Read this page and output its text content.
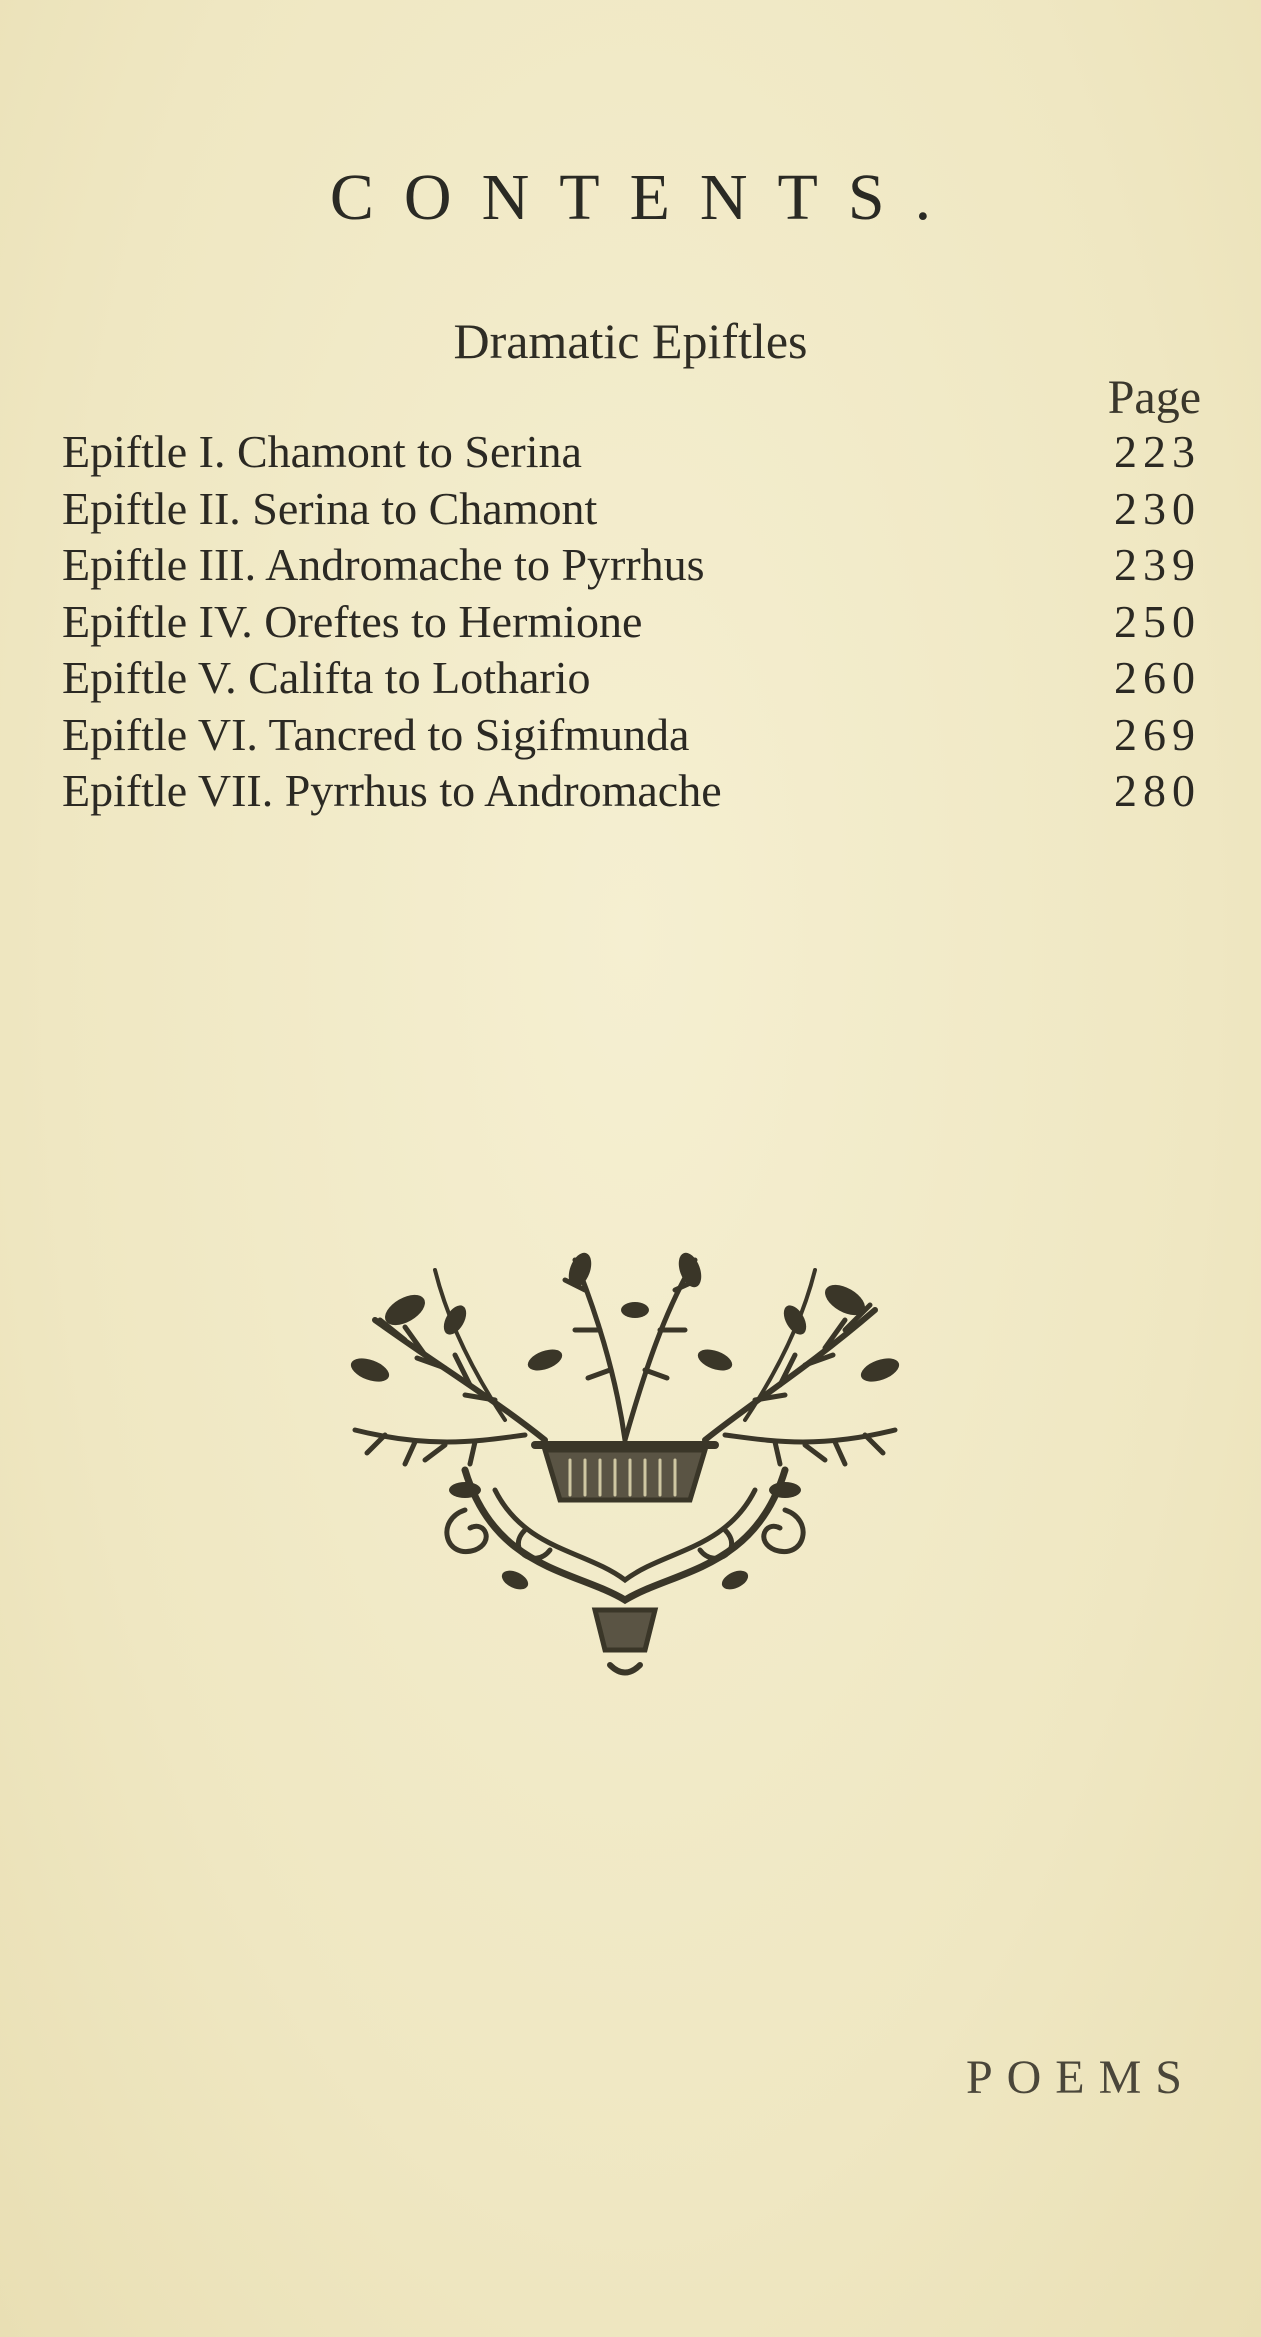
CONTENTS.
Dramatic Epiftles
Page
Epiftle I. Chamont to Serina	223
Epiftle II. Serina to Chamont	230
Epiftle III. Andromache to Pyrrhus	239
Epiftle IV. Oreftes to Hermione	250
Epiftle V. Califta to Lothario	260
Epiftle VI. Tancred to Sigifmunda	269
Epiftle VII. Pyrrhus to Andromache	280
POEMS
